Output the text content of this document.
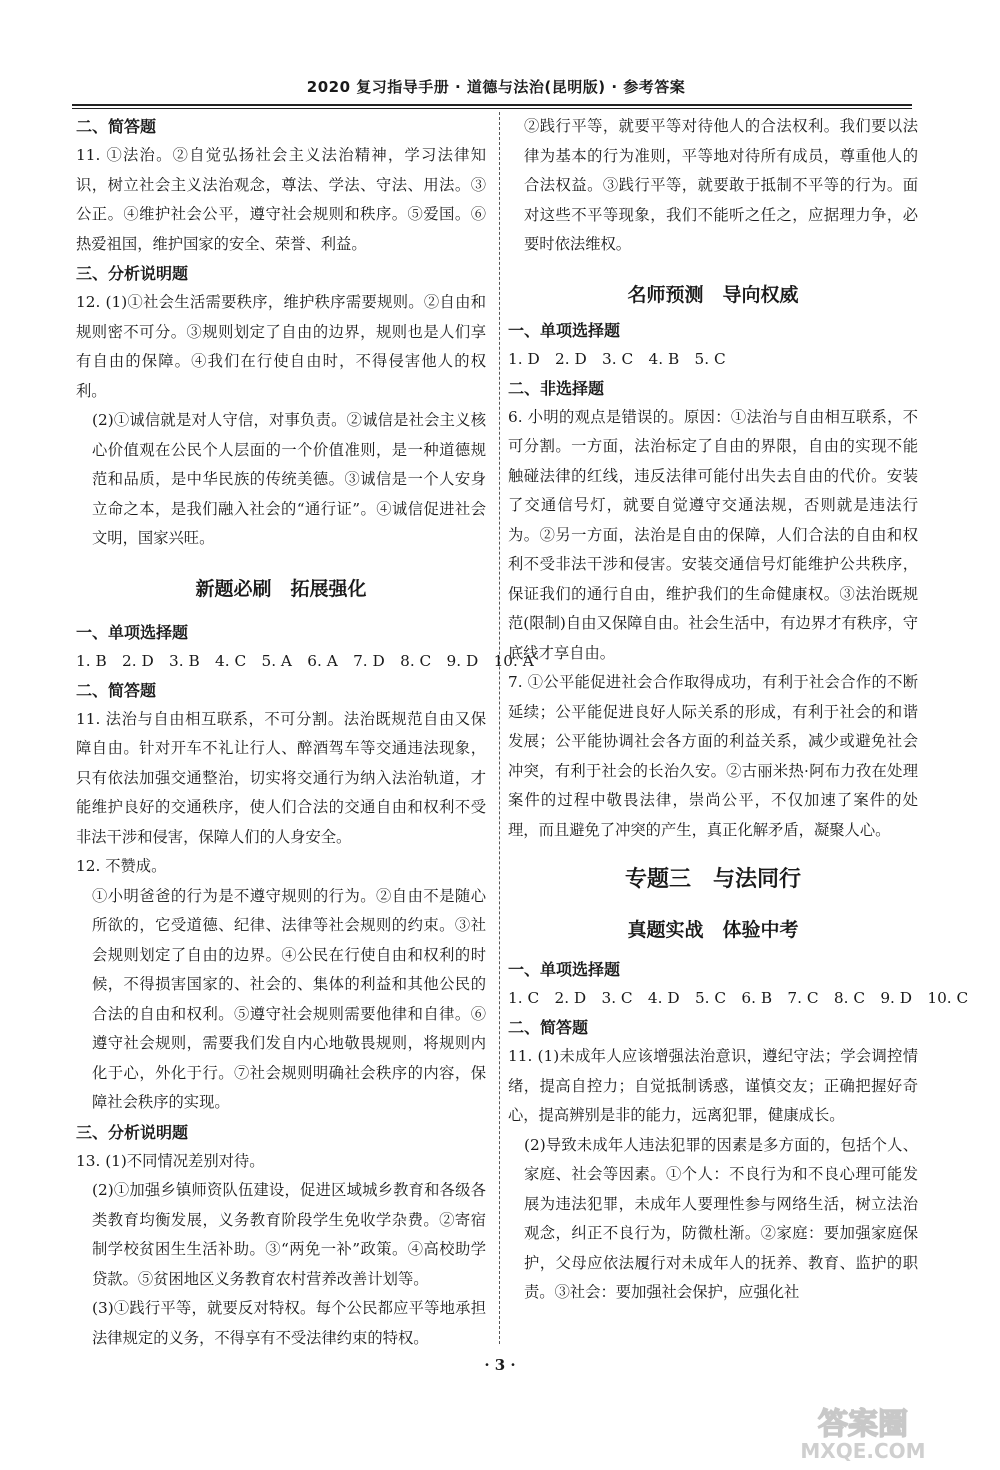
2020 复习指导手册 · 道德与法治(昆明版) · 参考答案
二、简答题

11. ①法治。②自觉弘扬社会主义法治精神，学习法律知识，树立社会主义法治观念，尊法、学法、守法、用法。③公正。④维护社会公平，遵守社会规则和秩序。⑤爱国。⑥热爱祖国，维护国家的安全、荣誉、利益。

三、分析说明题

12. (1)①社会生活需要秩序，维护秩序需要规则。②自由和规则密不可分。③规则划定了自由的边界，规则也是人们享有自由的保障。④我们在行使自由时，不得侵害他人的权利。

(2)①诚信就是对人守信，对事负责。②诚信是社会主义核心价值观在公民个人层面的一个价值准则，是一种道德规范和品质，是中华民族的传统美德。③诚信是一个人安身立命之本，是我们融入社会的“通行证”。④诚信促进社会文明，国家兴旺。

新题必刷　拓展强化
一、单项选择题
1. B　2. D　3. B　4. C　5. A　6. A　7. D　8. C　9. D　10. A
二、简答题

11. 法治与自由相互联系，不可分割。法治既规范自由又保障自由。针对开车不礼让行人、醉酒驾车等交通违法现象，只有依法加强交通整治，切实将交通行为纳入法治轨道，才能维护良好的交通秩序，使人们合法的交通自由和权利不受非法干涉和侵害，保障人们的人身安全。

12. 不赞成。

①小明爸爸的行为是不遵守规则的行为。②自由不是随心所欲的，它受道德、纪律、法律等社会规则的约束。③社会规则划定了自由的边界。④公民在行使自由和权利的时候，不得损害国家的、社会的、集体的利益和其他公民的合法的自由和权利。⑤遵守社会规则需要他律和自律。⑥遵守社会规则，需要我们发自内心地敬畏规则，将规则内化于心，外化于行。⑦社会规则明确社会秩序的内容，保障社会秩序的实现。

三、分析说明题

13. (1)不同情况差别对待。

(2)①加强乡镇师资队伍建设，促进区域城乡教育和各级各类教育均衡发展，义务教育阶段学生免收学杂费。②寄宿制学校贫困生生活补助。③“两免一补”政策。④高校助学贷款。⑤贫困地区义务教育农村营养改善计划等。

(3)①践行平等，就要反对特权。每个公民都应平等地承担法律规定的义务，不得享有不受法律约束的特权。

②践行平等，就要平等对待他人的合法权利。我们要以法律为基本的行为准则，平等地对待所有成员，尊重他人的合法权益。③践行平等，就要敢于抵制不平等的行为。面对这些不平等现象，我们不能听之任之，应据理力争，必要时依法维权。

名师预测　导向权威
一、单项选择题
1. D　2. D　3. C　4. B　5. C
二、非选择题

6. 小明的观点是错误的。原因：①法治与自由相互联系，不可分割。一方面，法治标定了自由的界限，自由的实现不能触碰法律的红线，违反法律可能付出失去自由的代价。安装了交通信号灯，就要自觉遵守交通法规，否则就是违法行为。②另一方面，法治是自由的保障，人们合法的自由和权利不受非法干涉和侵害。安装交通信号灯能维护公共秩序，保证我们的通行自由，维护我们的生命健康权。③法治既规范(限制)自由又保障自由。社会生活中，有边界才有秩序，守底线才享自由。

7. ①公平能促进社会合作取得成功，有利于社会合作的不断延续；公平能促进良好人际关系的形成，有利于社会的和谐发展；公平能协调社会各方面的利益关系，减少或避免社会冲突，有利于社会的长治久安。②古丽米热·阿布力孜在处理案件的过程中敬畏法律，崇尚公平，不仅加速了案件的处理，而且避免了冲突的产生，真正化解矛盾，凝聚人心。

专题三　与法同行
真题实战　体验中考
一、单项选择题
1. C　2. D　3. C　4. D　5. C　6. B　7. C　8. C　9. D　10. C
二、简答题

11. (1)未成年人应该增强法治意识，遵纪守法；学会调控情绪，提高自控力；自觉抵制诱惑，谨慎交友；正确把握好奇心，提高辨别是非的能力，远离犯罪，健康成长。

(2)导致未成年人违法犯罪的因素是多方面的，包括个人、家庭、社会等因素。①个人：不良行为和不良心理可能发展为违法犯罪，未成年人要理性参与网络生活，树立法治观念，纠正不良行为，防微杜渐。②家庭：要加强家庭保护，父母应依法履行对未成年人的抚养、教育、监护的职责。③社会：要加强社会保护，应强化社

· 3 ·
答案圈
MXQE.COM
